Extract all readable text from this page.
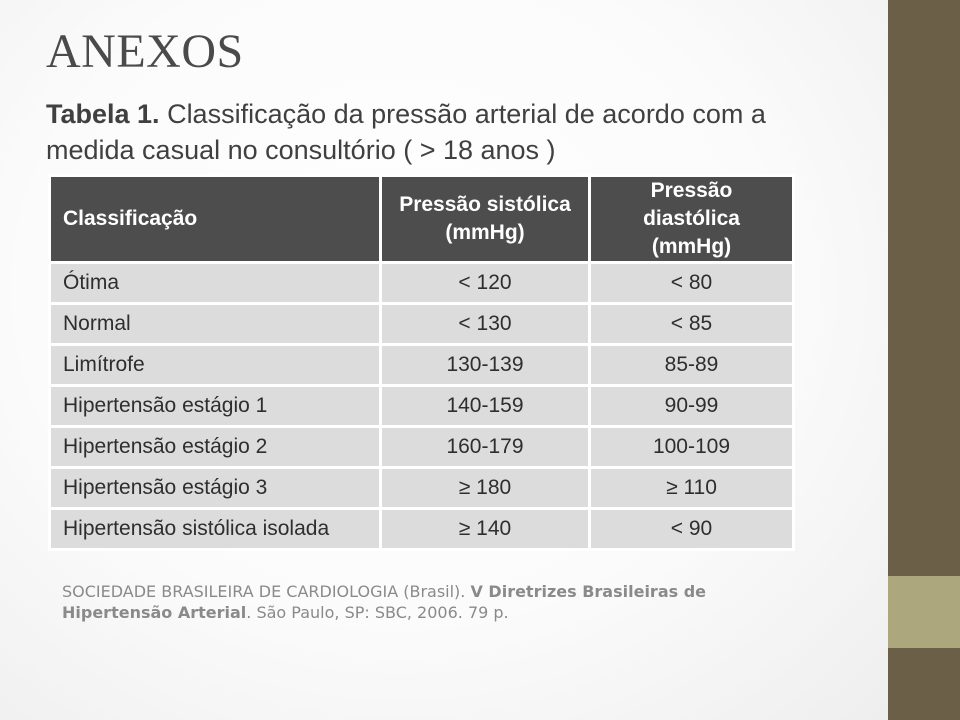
ANEXOS
Tabela 1. Classificação da pressão arterial de acordo com a medida casual no consultório ( > 18 anos )
Classificação	Pressão sistólica (mmHg)	Pressão diastólica (mmHg)
Ótima	< 120	< 80
Normal	< 130	< 85
Limítrofe	130-139	85-89
Hipertensão estágio 1	140-159	90-99
Hipertensão estágio 2	160-179	100-109
Hipertensão estágio 3	≥ 180	≥ 110
Hipertensão sistólica isolada	≥ 140	< 90
SOCIEDADE BRASILEIRA DE CARDIOLOGIA (Brasil). V Diretrizes Brasileiras de Hipertensão Arterial. São Paulo, SP: SBC, 2006. 79 p.
